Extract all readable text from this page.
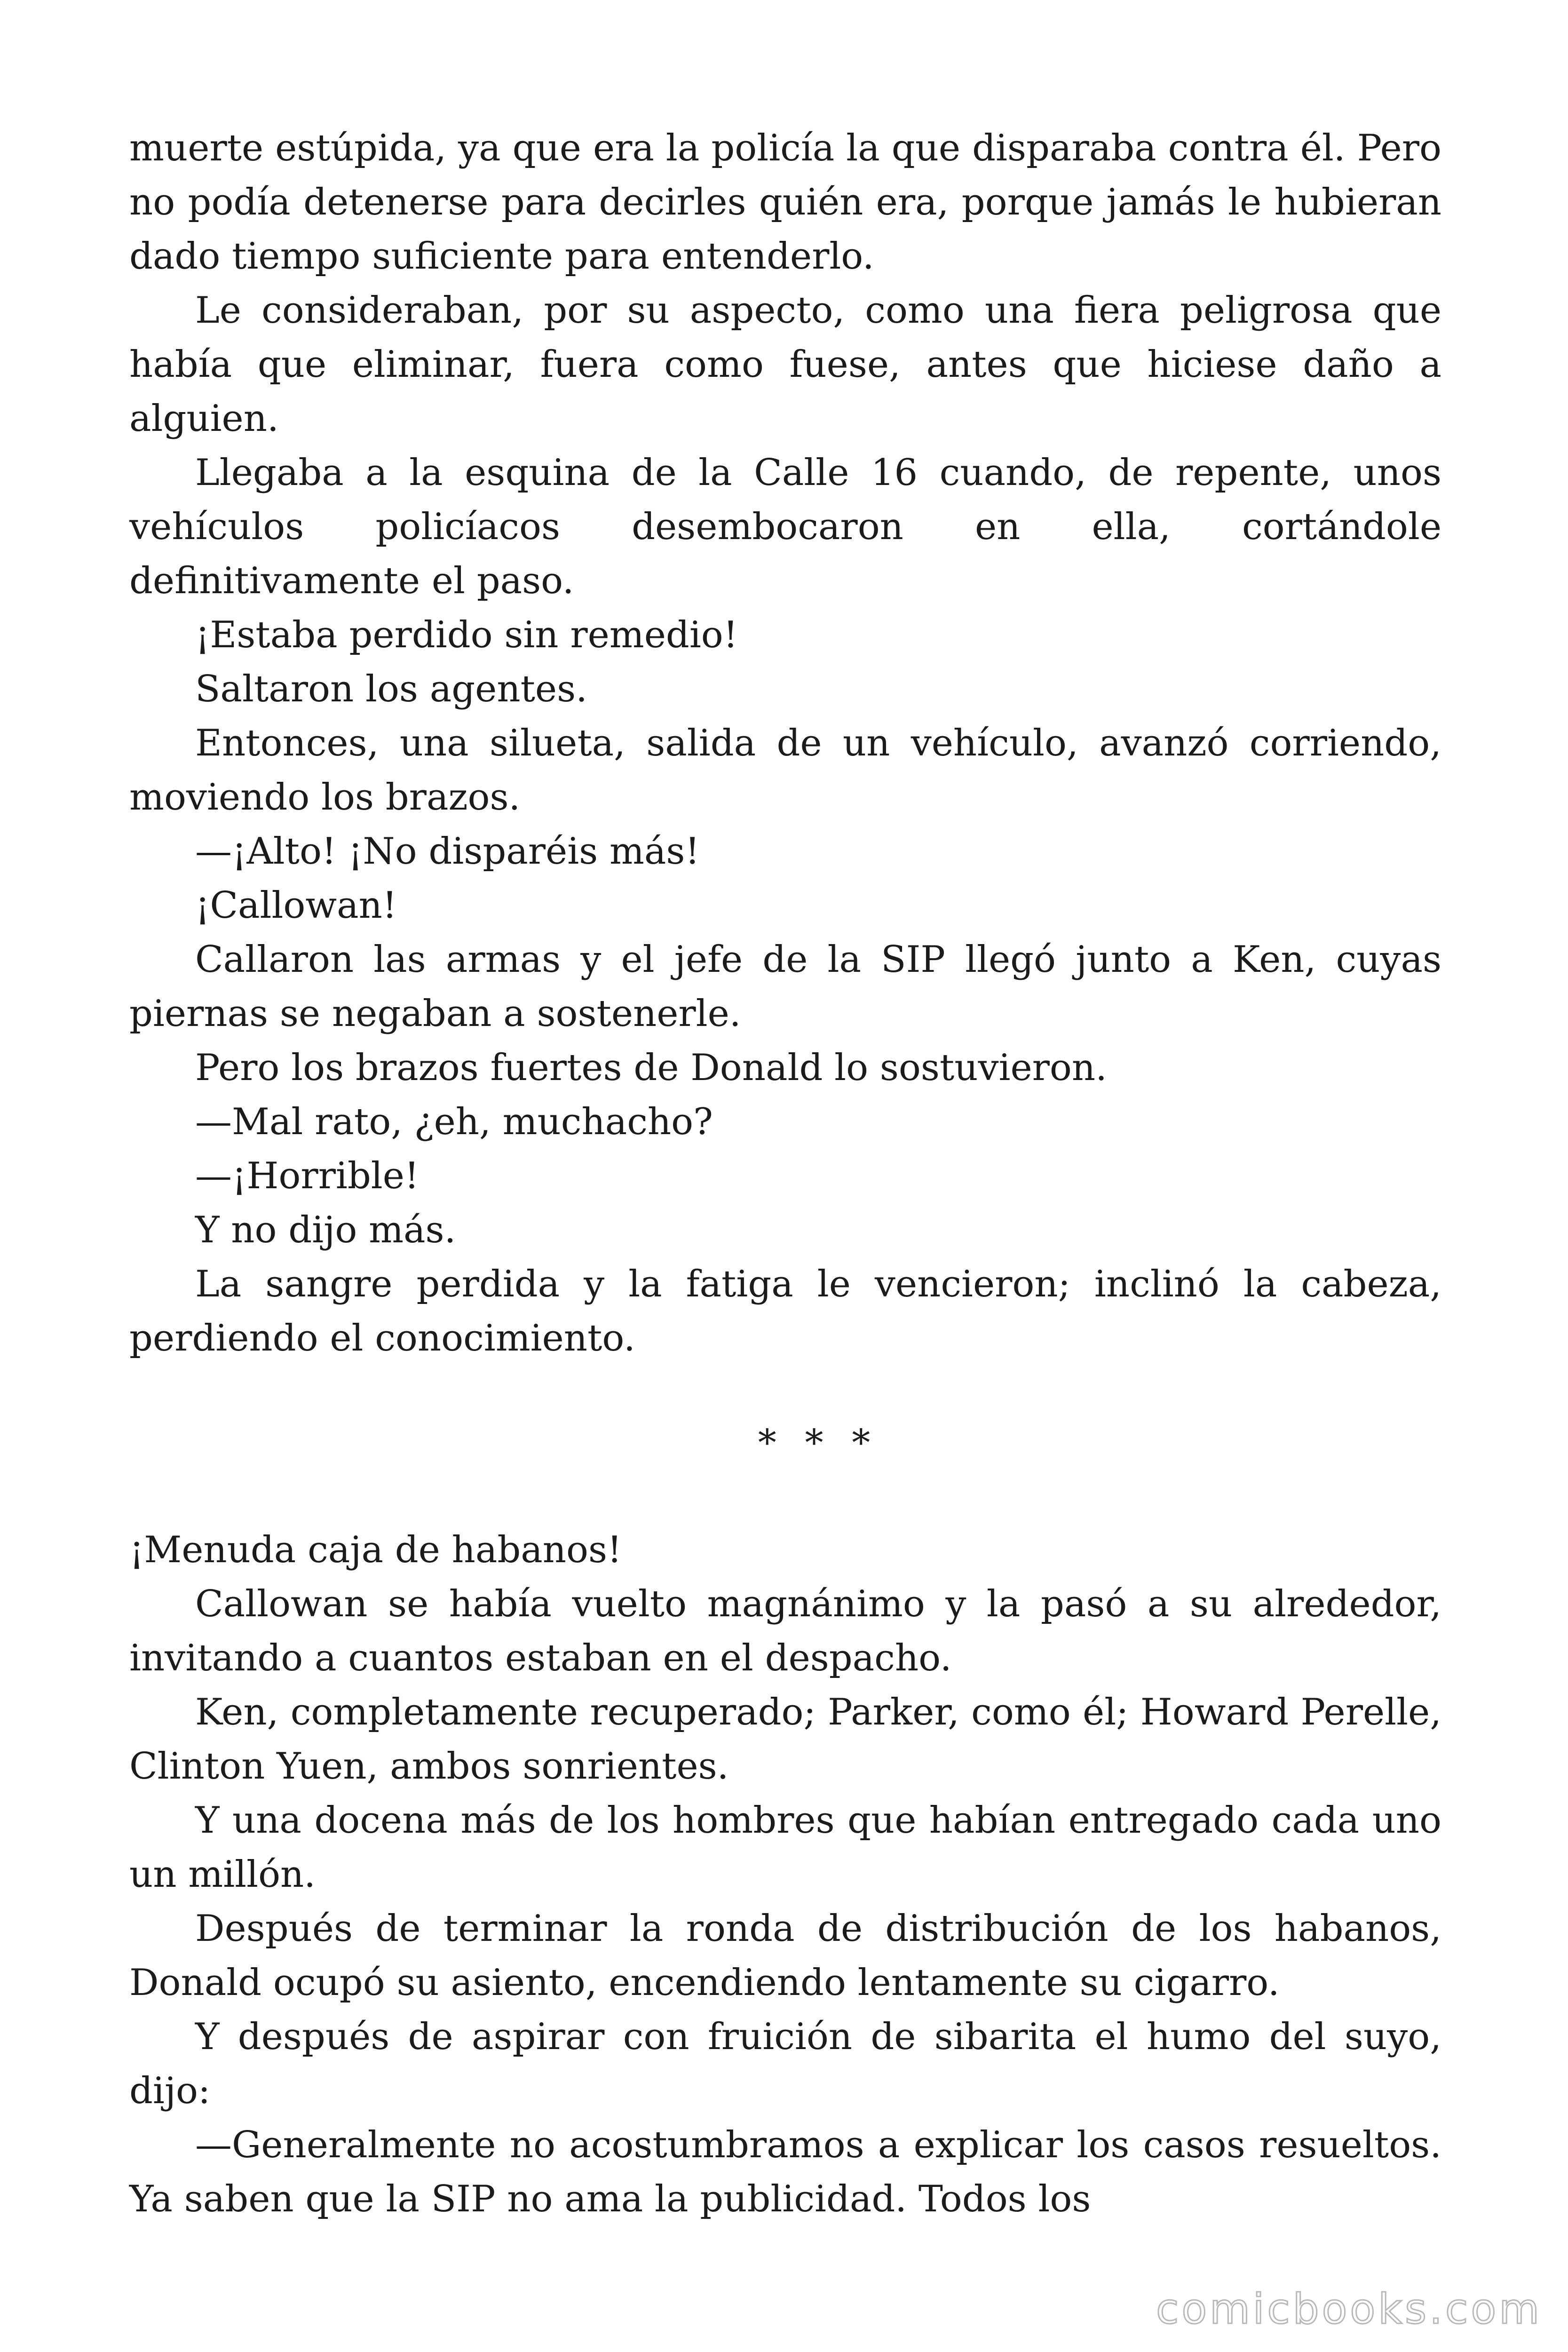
muerte estúpida, ya que era la policía la que disparaba contra él. Pero no podía detenerse para decirles quién era, porque jamás le hubieran dado tiempo suficiente para entenderlo.

Le consideraban, por su aspecto, como una fiera peligrosa que había que eliminar, fuera como fuese, antes que hiciese daño a alguien.

Llegaba a la esquina de la Calle 16 cuando, de repente, unos vehículos policíacos desembocaron en ella, cortándole definitivamente el paso.

¡Estaba perdido sin remedio!

Saltaron los agentes.

Entonces, una silueta, salida de un vehículo, avanzó corriendo, moviendo los brazos.

—¡Alto! ¡No disparéis más!

¡Callowan!

Callaron las armas y el jefe de la SIP llegó junto a Ken, cuyas piernas se negaban a sostenerle.

Pero los brazos fuertes de Donald lo sostuvieron.

—Mal rato, ¿eh, muchacho?

—¡Horrible!

Y no dijo más.

La sangre perdida y la fatiga le vencieron; inclinó la cabeza, perdiendo el conocimiento.

* * *

¡Menuda caja de habanos!

Callowan se había vuelto magnánimo y la pasó a su alrededor, invitando a cuantos estaban en el despacho.

Ken, completamente recuperado; Parker, como él; Howard Perelle, Clinton Yuen, ambos sonrientes.

Y una docena más de los hombres que habían entregado cada uno un millón.

Después de terminar la ronda de distribución de los habanos, Donald ocupó su asiento, encendiendo lentamente su cigarro.

Y después de aspirar con fruición de sibarita el humo del suyo, dijo:

—Generalmente no acostumbramos a explicar los casos resueltos. Ya saben que la SIP no ama la publicidad. Todos los

comicbooks.com
